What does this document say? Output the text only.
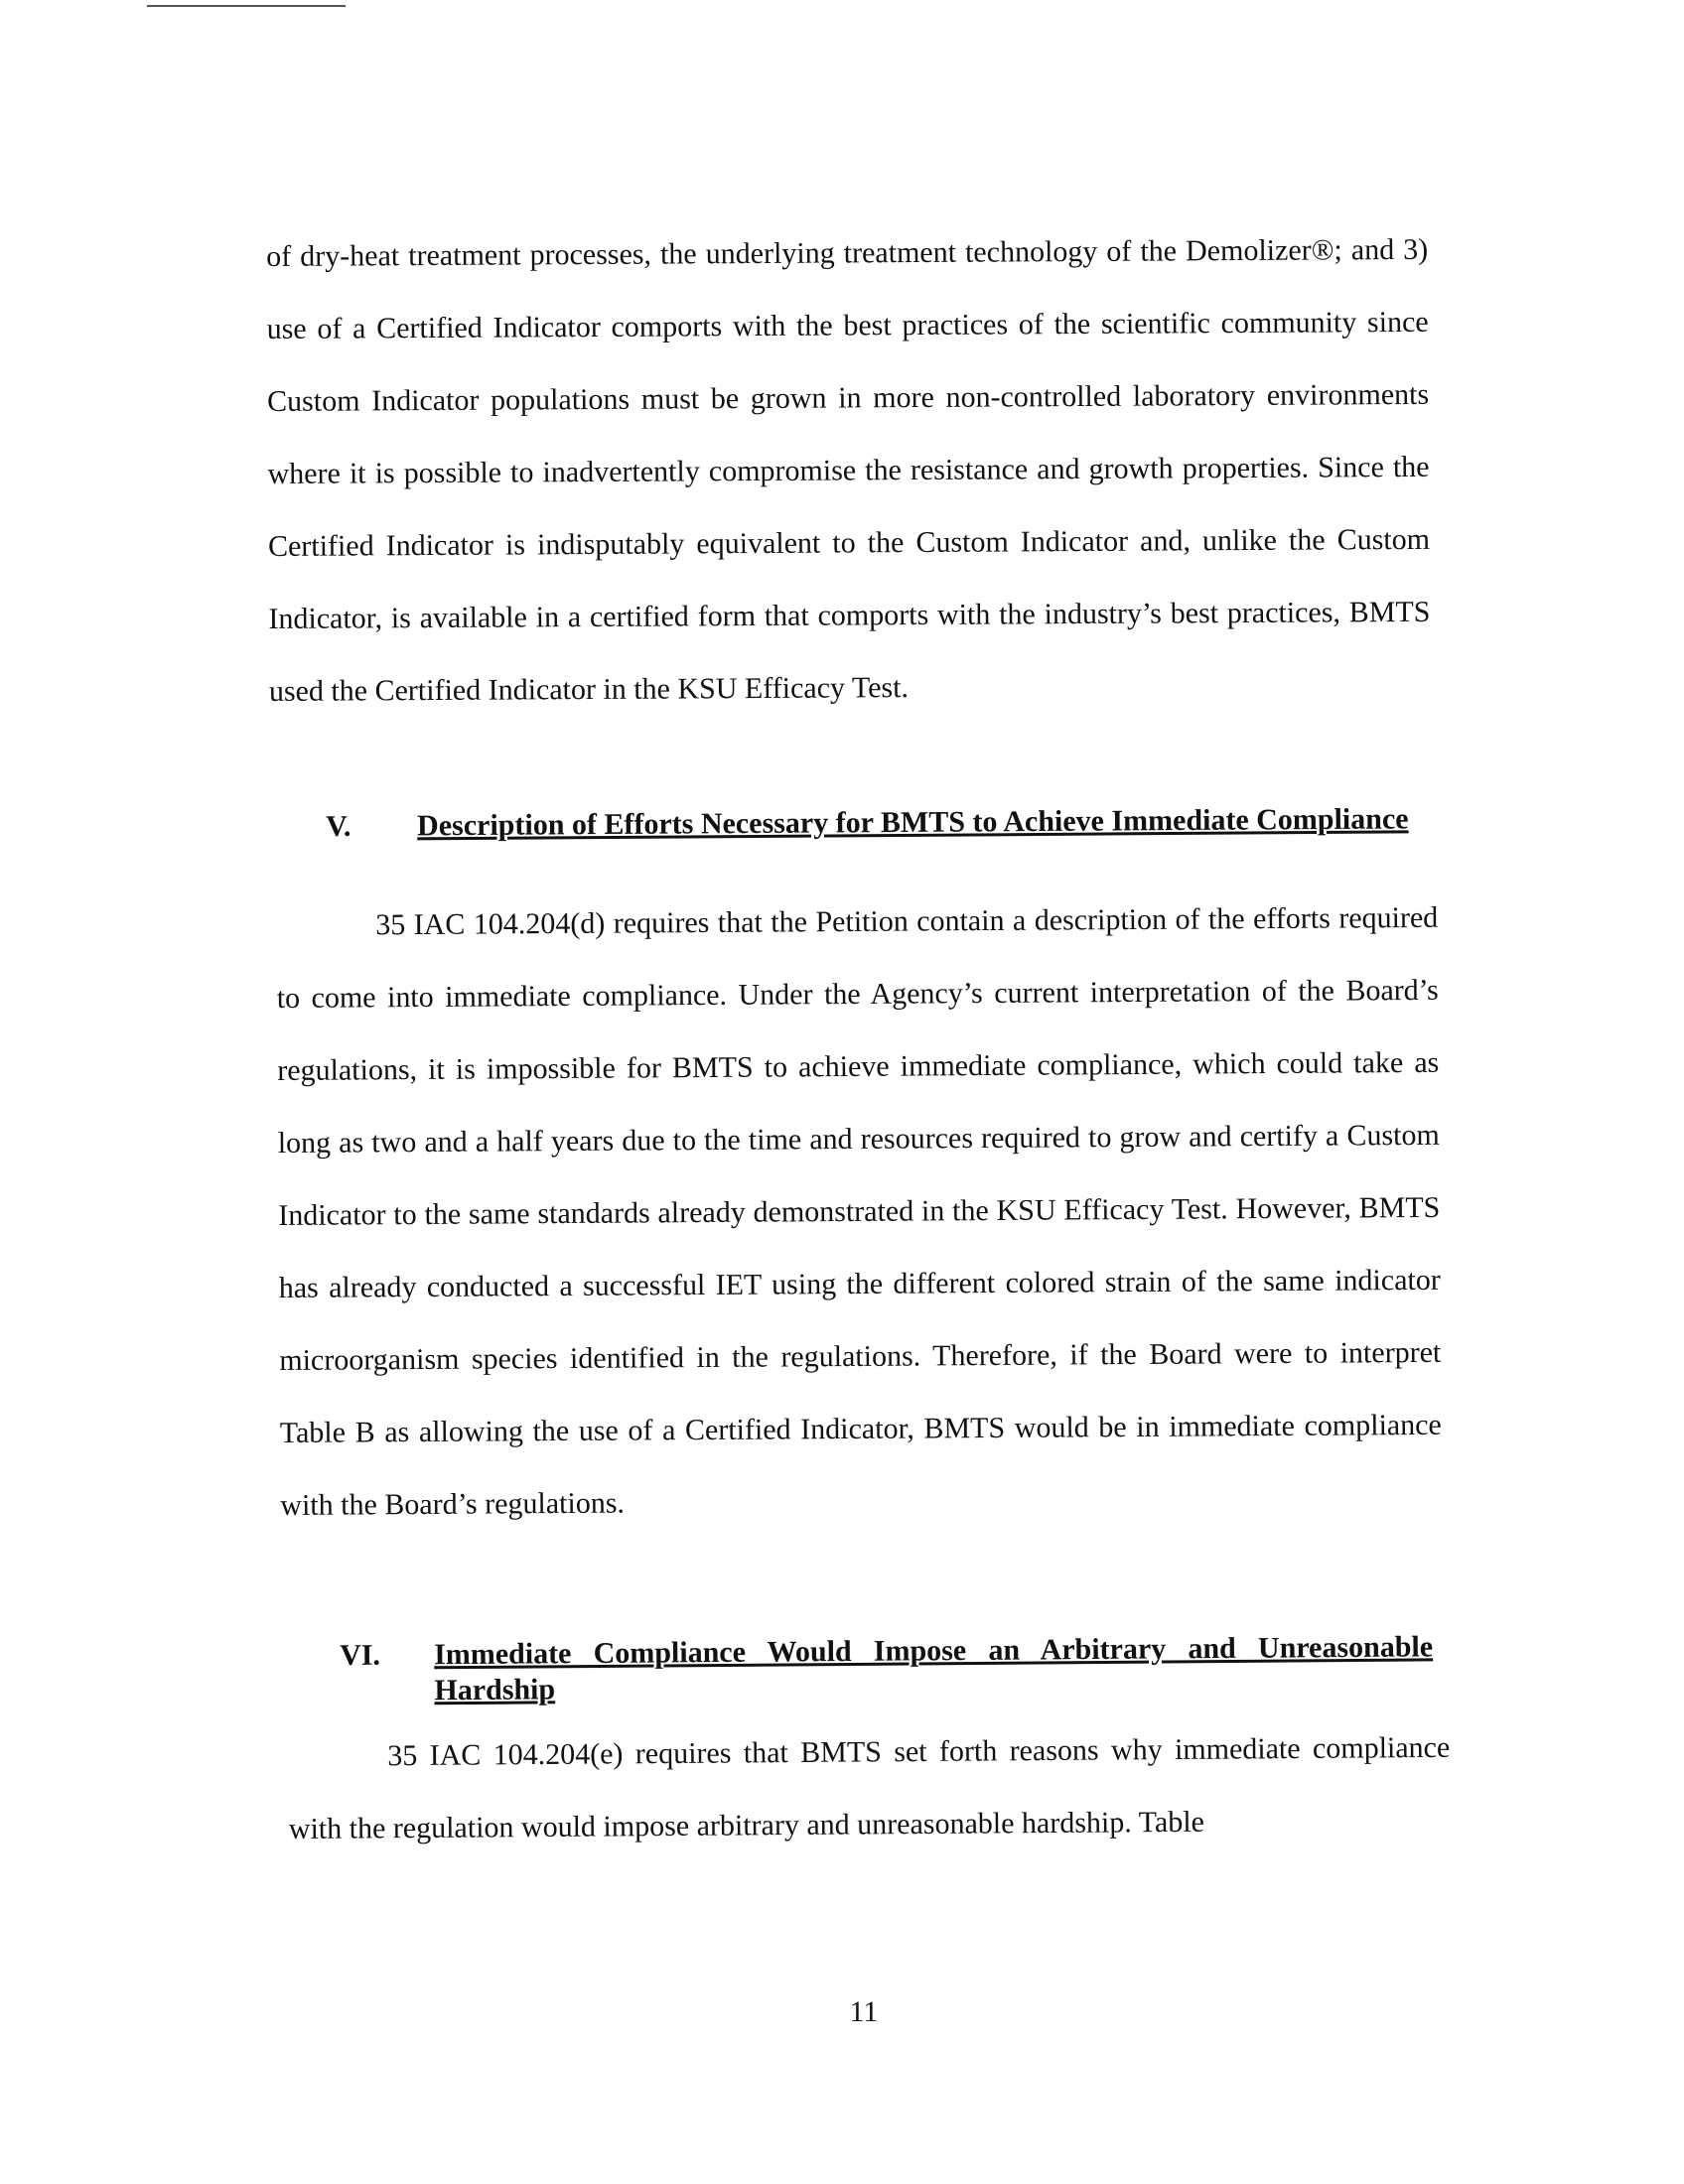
of dry-heat treatment processes, the underlying treatment technology of the Demolizer®; and 3) use of a Certified Indicator comports with the best practices of the scientific community since Custom Indicator populations must be grown in more non-controlled laboratory environments where it is possible to inadvertently compromise the resistance and growth properties. Since the Certified Indicator is indisputably equivalent to the Custom Indicator and, unlike the Custom Indicator, is available in a certified form that comports with the industry’s best practices, BMTS used the Certified Indicator in the KSU Efficacy Test.

V. Description of Efforts Necessary for BMTS to Achieve Immediate Compliance

35 IAC 104.204(d) requires that the Petition contain a description of the efforts required to come into immediate compliance. Under the Agency’s current interpretation of the Board’s regulations, it is impossible for BMTS to achieve immediate compliance, which could take as long as two and a half years due to the time and resources required to grow and certify a Custom Indicator to the same standards already demonstrated in the KSU Efficacy Test. However, BMTS has already conducted a successful IET using the different colored strain of the same indicator microorganism species identified in the regulations. Therefore, if the Board were to interpret Table B as allowing the use of a Certified Indicator, BMTS would be in immediate compliance with the Board’s regulations.

VI. Immediate Compliance Would Impose an Arbitrary and Unreasonable Hardship

35 IAC 104.204(e) requires that BMTS set forth reasons why immediate compliance with the regulation would impose arbitrary and unreasonable hardship. Table

11
